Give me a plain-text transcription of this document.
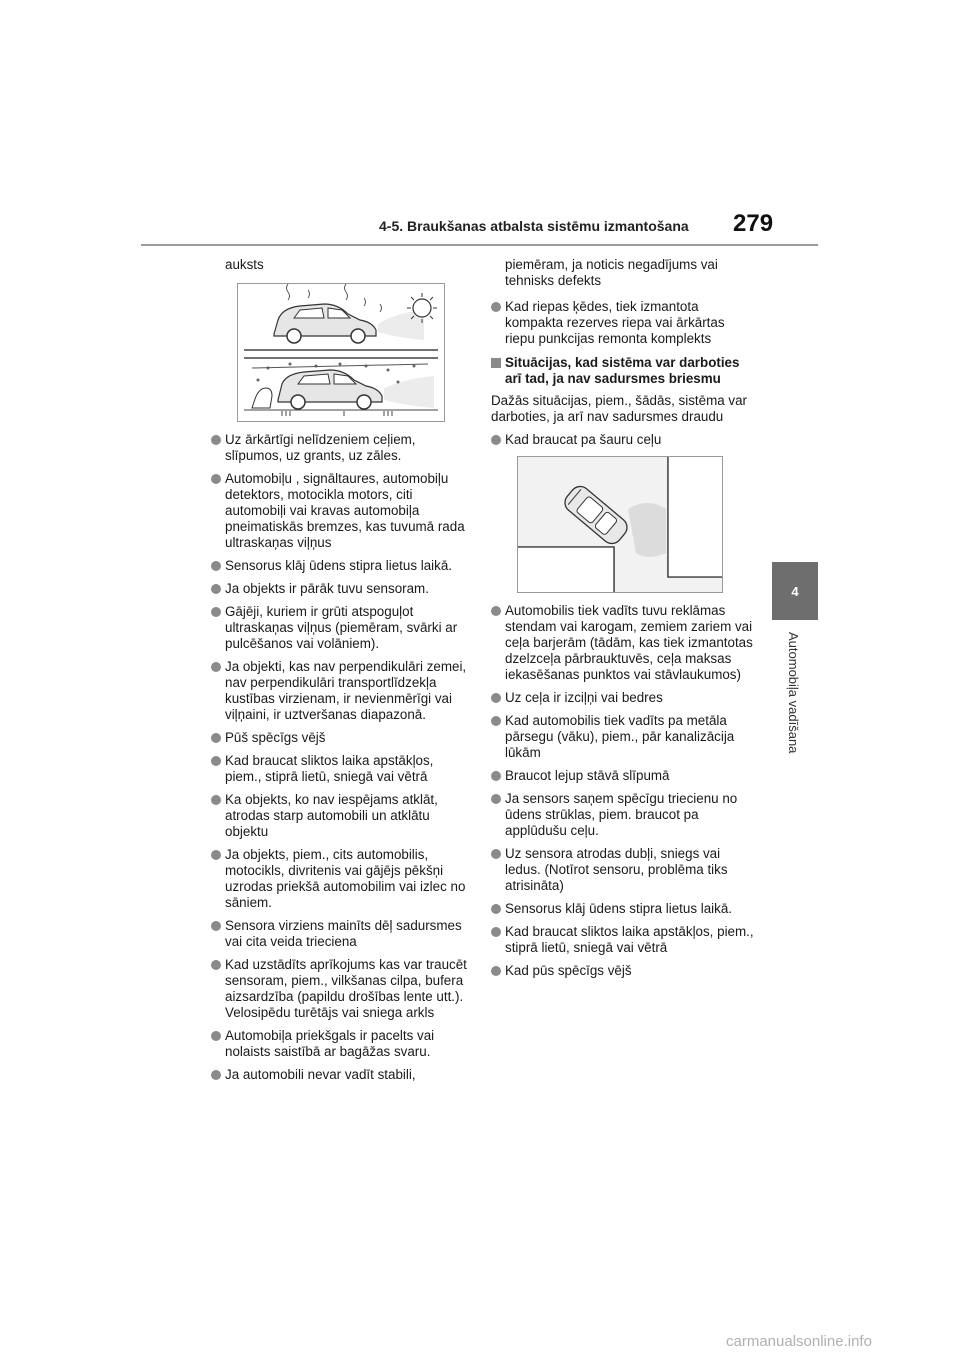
4-5. Braukšanas atbalsta sistēmu izmantošana 279
4
Automobiļa vadīšana

auksts

Uz ārkārtīgi nelīdzeniem ceļiem, slīpumos, uz grants, uz zāles.
Automobiļu , signāltaures, automobiļu detektors, motocikla motors, citi automobiļi vai kravas automobiļa pneimatiskās bremzes, kas tuvumā rada ultraskaņas viļņus
Sensorus klāj ūdens stipra lietus laikā.
Ja objekts ir pārāk tuvu sensoram.
Gājēji, kuriem ir grūti atspoguļot ultraskaņas viļņus (piemēram, svārki ar pulcēšanos vai volāniem).
Ja objekti, kas nav perpendikulāri zemei, nav perpendikulāri transportlīdzekļa kustības virzienam, ir nevienmērīgi vai viļņaini, ir uztveršanas diapazonā.
Pūš spēcīgs vējš
Kad braucat sliktos laika apstākļos, piem., stiprā lietū, sniegā vai vētrā
Ka objekts, ko nav iespējams atklāt, atrodas starp automobili un atklātu objektu
Ja objekts, piem., cits automobilis, motocikls, divritenis vai gājējs pēkšņi uzrodas priekšā automobilim vai izlec no sāniem.
Sensora virziens mainīts dēļ sadursmes vai cita veida trieciena
Kad uzstādīts aprīkojums kas var traucēt sensoram, piem., vilkšanas cilpa, bufera aizsardzība (papildu drošības lente utt.). Velosipēdu turētājs vai sniega arkls
Automobiļa priekšgals ir pacelts vai nolaists saistībā ar bagāžas svaru.
Ja automobili nevar vadīt stabili,

piemēram, ja noticis negadījums vai tehnisks defekts

Kad riepas ķēdes, tiek izmantota kompakta rezerves riepa vai ārkārtas riepu punkcijas remonta komplekts
Situācijas, kad sistēma var darboties arī tad, ja nav sadursmes briesmu

Dažās situācijas, piem., šādās, sistēma var darboties, ja arī nav sadursmes draudu

Kad braucat pa šauru ceļu
Automobilis tiek vadīts tuvu reklāmas stendam vai karogam, zemiem zariem vai ceļa barjerām (tādām, kas tiek izmantotas dzelzceļa pārbrauktuvēs, ceļa maksas iekasēšanas punktos vai stāvlaukumos)
Uz ceļa ir izciļņi vai bedres
Kad automobilis tiek vadīts pa metāla pārsegu (vāku), piem., pār kanalizācija lūkām
Braucot lejup stāvā slīpumā
Ja sensors saņem spēcīgu triecienu no ūdens strūklas, piem. braucot pa applūdušu ceļu.
Uz sensora atrodas dubļi, sniegs vai ledus. (Notīrot sensoru, problēma tiks atrisināta)
Sensorus klāj ūdens stipra lietus laikā.
Kad braucat sliktos laika apstākļos, piem., stiprā lietū, sniegā vai vētrā
Kad pūs spēcīgs vējš
carmanualsonline.info
